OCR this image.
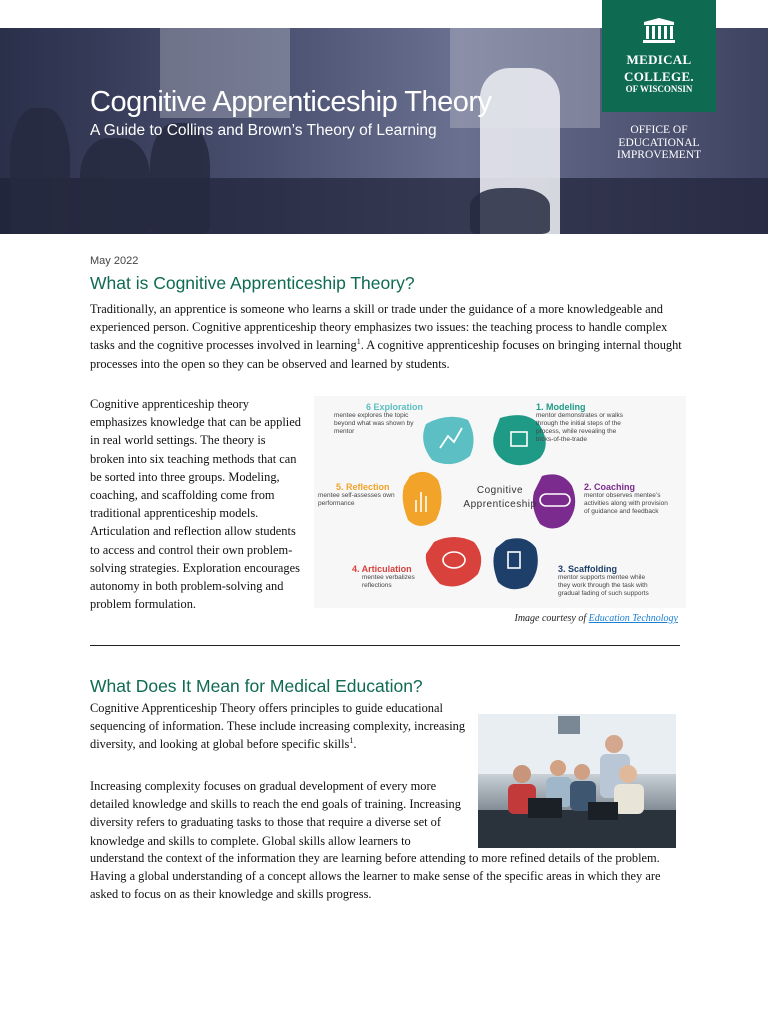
Cognitive Apprenticeship Theory
A Guide to Collins and Brown’s Theory of Learning
MEDICAL
COLLEGE.
OF WISCONSIN
OFFICE OF
EDUCATIONAL
IMPROVEMENT
May 2022
What is Cognitive Apprenticeship Theory?

Traditionally, an apprentice is someone who learns a skill or trade under the guidance of a more knowledgeable and experienced person. Cognitive apprenticeship theory emphasizes two issues: the teaching process to handle complex tasks and the cognitive processes involved in learning$^1$. A cognitive apprenticeship focuses on bringing internal thought processes into the open so they can be observed and learned by students.

Cognitive apprenticeship theory emphasizes knowledge that can be applied in real world settings. The theory is broken into six teaching methods that can be sorted into three groups. Modeling, coaching, and scaffolding come from traditional apprenticeship models. Articulation and reflection allow students to access and control their own problem-solving strategies. Exploration encourages autonomy in both problem-solving and problem formulation.

Cognitive
Apprenticeship
1. Modeling
mentor demonstrates or walks
through the initial steps of the
process, while revealing the
tricks-of-the-trade
2. Coaching
mentor observes mentee’s
activities along with provision
of guidance and feedback
3. Scaffolding
mentor supports mentee while
they work through the task with
gradual fading of such supports
4. Articulation
mentee verbalizes
reflections
5. Reflection
mentee self-assesses own
performance
6 Exploration
mentee explores the topic
beyond what was shown by
mentor
Image courtesy of Education Technology
What Does It Mean for Medical Education?

Cognitive Apprenticeship Theory offers principles to guide educational sequencing of information. These include increasing complexity, increasing diversity, and looking at global before specific skills$^1$.

Increasing complexity focuses on gradual development of every more detailed knowledge and skills to reach the end goals of training. Increasing diversity refers to graduating tasks to those that require a diverse set of knowledge and skills to complete. Global skills allow learners to

understand the context of the information they are learning before attending to more refined details of the problem. Having a global understanding of a concept allows the learner to make sense of the specific areas in which they are asked to focus on as their knowledge and skills progress.
